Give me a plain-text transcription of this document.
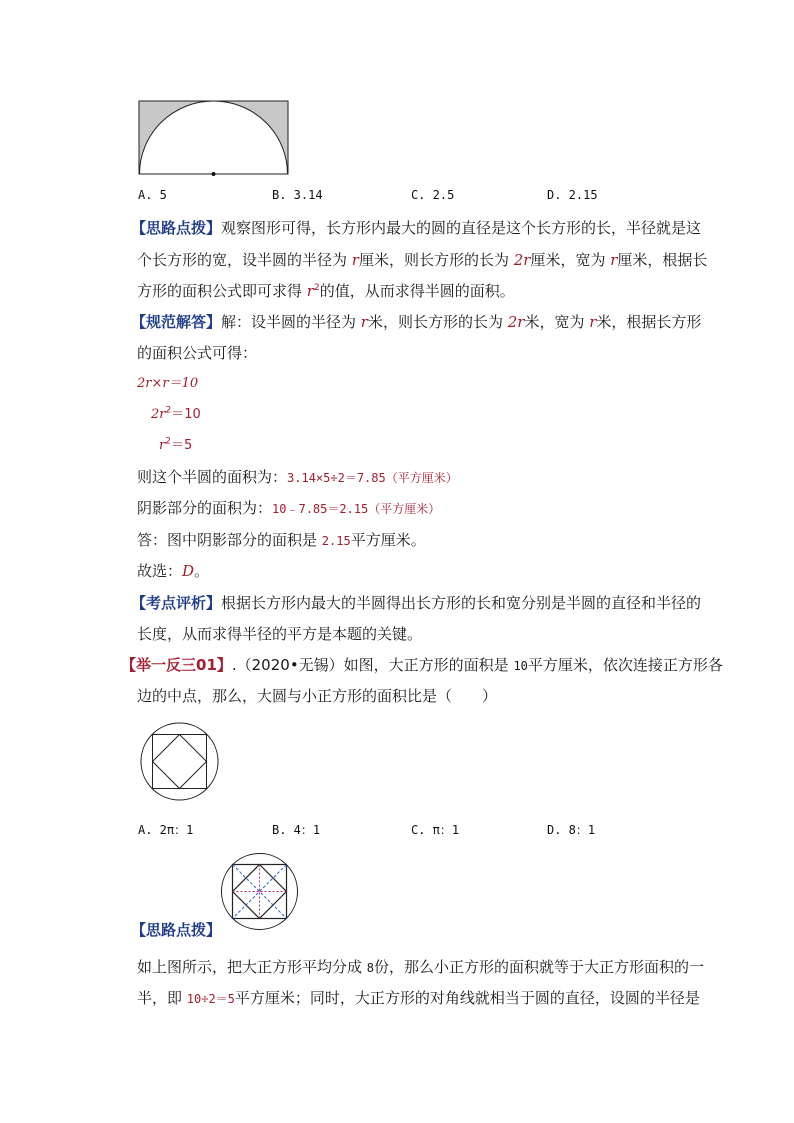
A. 5	B. 3.14	C. 2.5	D. 2.15
【思路点拨】观察图形可得，长方形内最大的圆的直径是这个长方形的长，半径就是这
个长方形的宽，设半圆的半径为 r厘米，则长方形的长为 2r厘米，宽为 r厘米，根据长
方形的面积公式即可求得 $r^2$的值，从而求得半圆的面积。
【规范解答】解：设半圆的半径为 r米，则长方形的长为 2r米，宽为 r米，根据长方形
的面积公式可得：
2r×r＝10
$2r^2=10$
$r^2=5$
则这个半圆的面积为：3.14×5÷2＝7.85（平方厘米）
阴影部分的面积为：10﹣7.85＝2.15（平方厘米）
答：图中阴影部分的面积是 2.15平方厘米。
故选：D。
【考点评析】根据长方形内最大的半圆得出长方形的长和宽分别是半圆的直径和半径的
长度，从而求得半径的平方是本题的关键。
【举一反三01】.（2020•无锡）如图，大正方形的面积是 10平方厘米，依次连接正方形各
边的中点，那么，大圆与小正方形的面积比是（　　）
A. 2π：1	B. 4：1	C. π：1	D. 8：1
【思路点拨】
如上图所示，把大正方形平均分成 8份，那么小正方形的面积就等于大正方形面积的一
半，即 10÷2＝5平方厘米；同时，大正方形的对角线就相当于圆的直径，设圆的半径是
